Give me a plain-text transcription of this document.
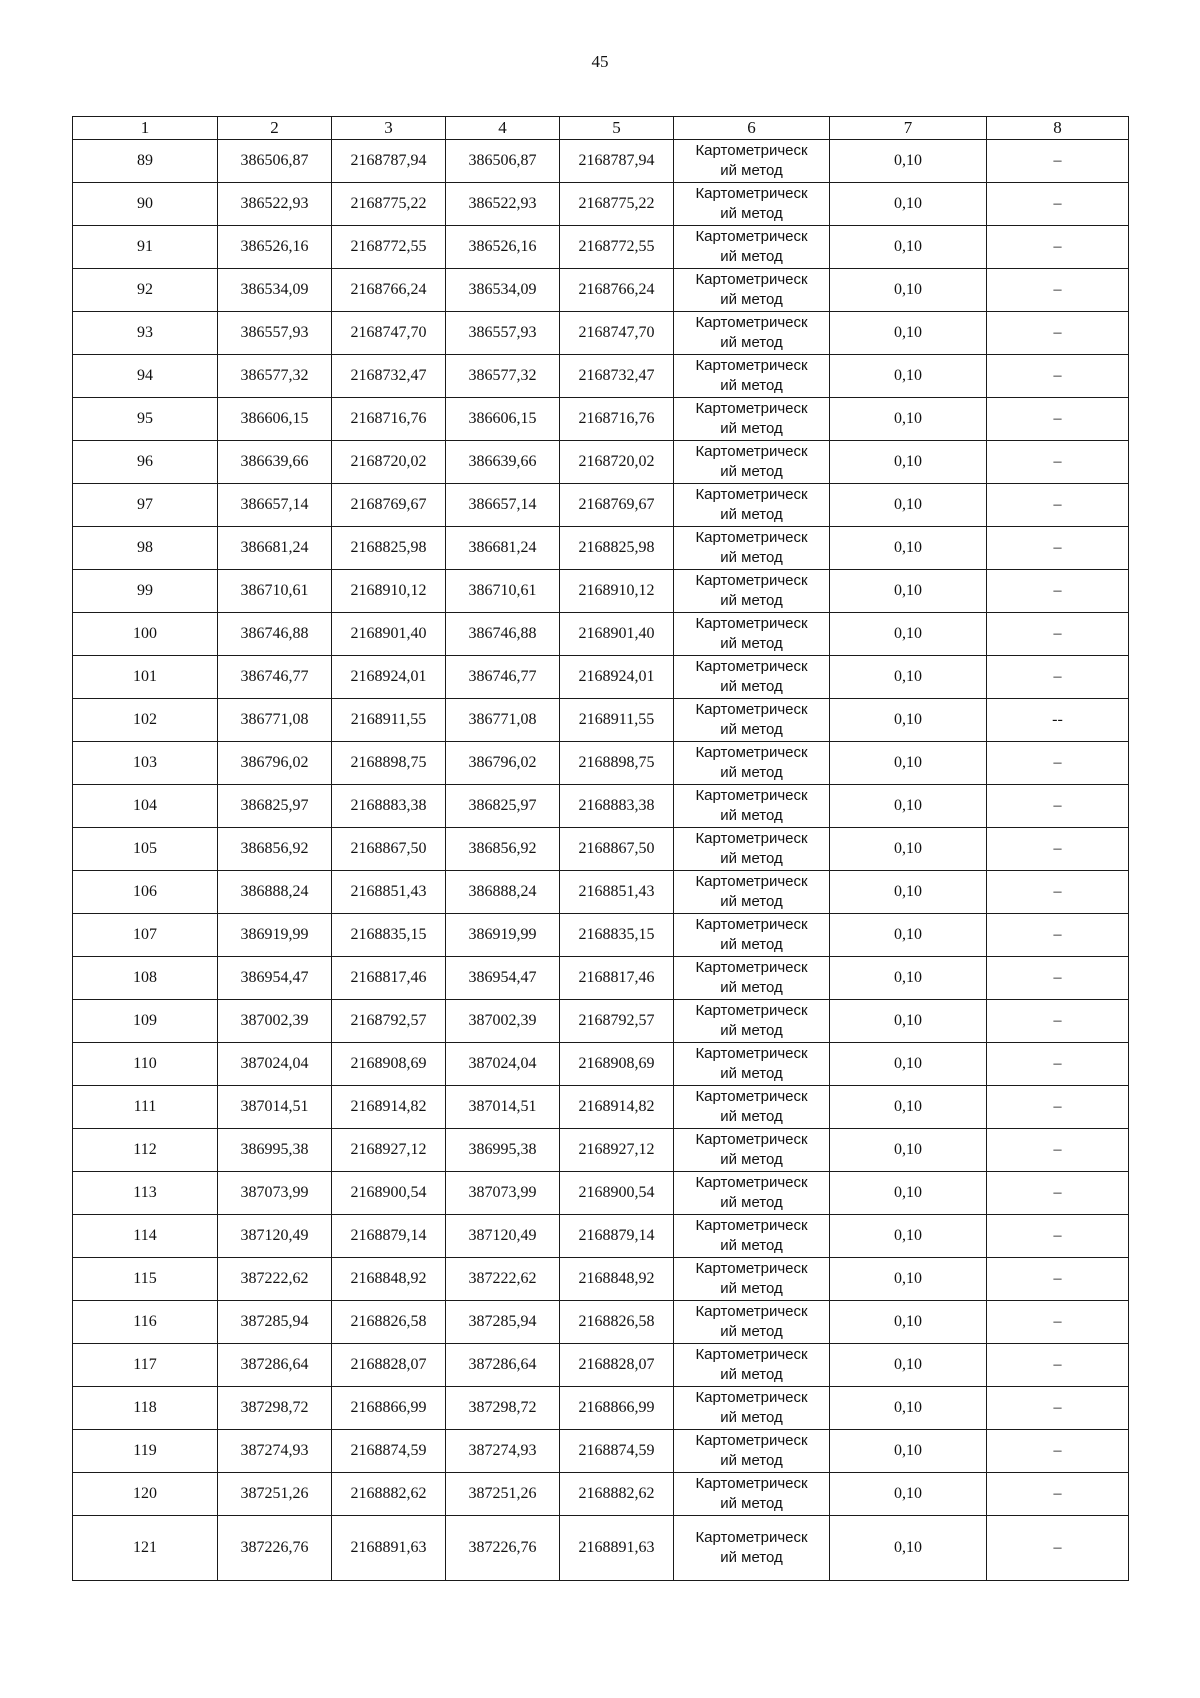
45
1	2	3	4	5	6	7	8
89	386506,87	2168787,94	386506,87	2168787,94	Картометрическ
ий метод	0,10	–
90	386522,93	2168775,22	386522,93	2168775,22	Картометрическ
ий метод	0,10	–
91	386526,16	2168772,55	386526,16	2168772,55	Картометрическ
ий метод	0,10	–
92	386534,09	2168766,24	386534,09	2168766,24	Картометрическ
ий метод	0,10	–
93	386557,93	2168747,70	386557,93	2168747,70	Картометрическ
ий метод	0,10	–
94	386577,32	2168732,47	386577,32	2168732,47	Картометрическ
ий метод	0,10	–
95	386606,15	2168716,76	386606,15	2168716,76	Картометрическ
ий метод	0,10	–
96	386639,66	2168720,02	386639,66	2168720,02	Картометрическ
ий метод	0,10	–
97	386657,14	2168769,67	386657,14	2168769,67	Картометрическ
ий метод	0,10	–
98	386681,24	2168825,98	386681,24	2168825,98	Картометрическ
ий метод	0,10	–
99	386710,61	2168910,12	386710,61	2168910,12	Картометрическ
ий метод	0,10	–
100	386746,88	2168901,40	386746,88	2168901,40	Картометрическ
ий метод	0,10	–
101	386746,77	2168924,01	386746,77	2168924,01	Картометрическ
ий метод	0,10	–
102	386771,08	2168911,55	386771,08	2168911,55	Картометрическ
ий метод	0,10	--
103	386796,02	2168898,75	386796,02	2168898,75	Картометрическ
ий метод	0,10	–
104	386825,97	2168883,38	386825,97	2168883,38	Картометрическ
ий метод	0,10	–
105	386856,92	2168867,50	386856,92	2168867,50	Картометрическ
ий метод	0,10	–
106	386888,24	2168851,43	386888,24	2168851,43	Картометрическ
ий метод	0,10	–
107	386919,99	2168835,15	386919,99	2168835,15	Картометрическ
ий метод	0,10	–
108	386954,47	2168817,46	386954,47	2168817,46	Картометрическ
ий метод	0,10	–
109	387002,39	2168792,57	387002,39	2168792,57	Картометрическ
ий метод	0,10	–
110	387024,04	2168908,69	387024,04	2168908,69	Картометрическ
ий метод	0,10	–
111	387014,51	2168914,82	387014,51	2168914,82	Картометрическ
ий метод	0,10	–
112	386995,38	2168927,12	386995,38	2168927,12	Картометрическ
ий метод	0,10	–
113	387073,99	2168900,54	387073,99	2168900,54	Картометрическ
ий метод	0,10	–
114	387120,49	2168879,14	387120,49	2168879,14	Картометрическ
ий метод	0,10	–
115	387222,62	2168848,92	387222,62	2168848,92	Картометрическ
ий метод	0,10	–
116	387285,94	2168826,58	387285,94	2168826,58	Картометрическ
ий метод	0,10	–
117	387286,64	2168828,07	387286,64	2168828,07	Картометрическ
ий метод	0,10	–
118	387298,72	2168866,99	387298,72	2168866,99	Картометрическ
ий метод	0,10	–
119	387274,93	2168874,59	387274,93	2168874,59	Картометрическ
ий метод	0,10	–
120	387251,26	2168882,62	387251,26	2168882,62	Картометрическ
ий метод	0,10	–
121	387226,76	2168891,63	387226,76	2168891,63	Картометрическ
ий метод	0,10	–
